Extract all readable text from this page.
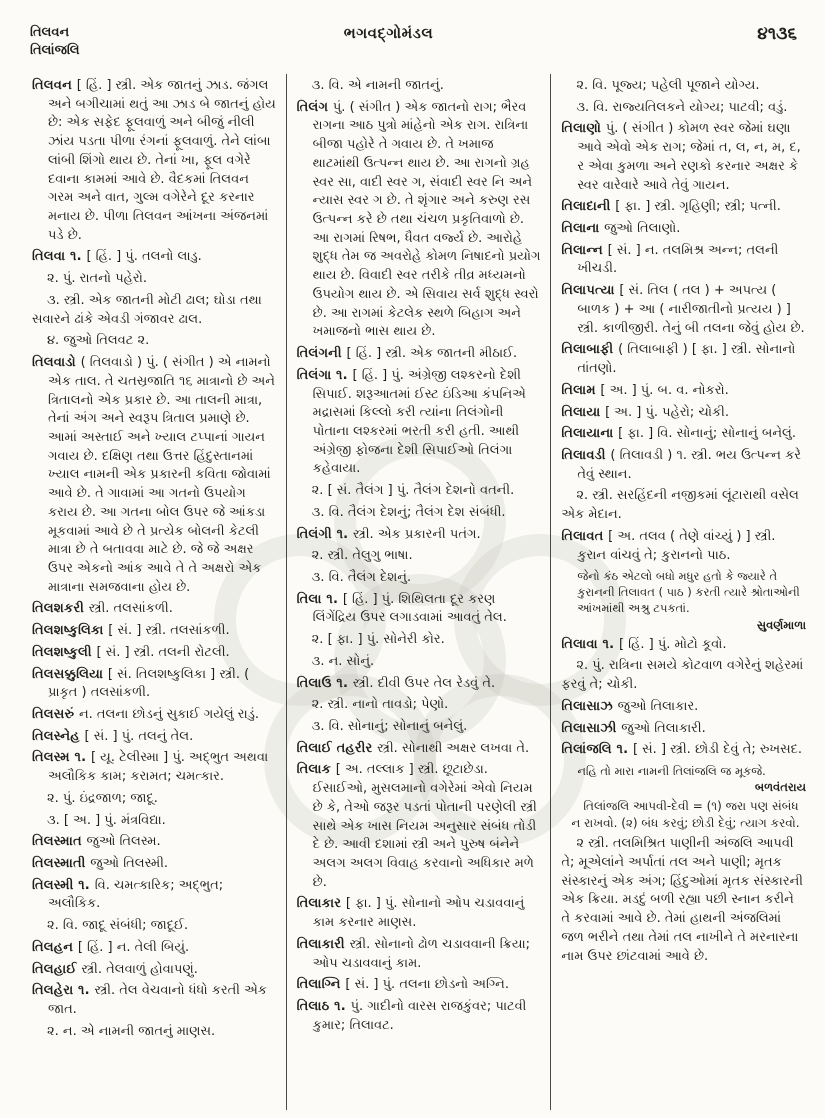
તિલવન
તિલાંજલિ
ભગવદ્ગોમંડલ	૪૧૩૬

તિલવન [ હિં. ] સ્ત્રી. એક જાતનું ઝાડ. જંગલ અને બગીચામાં થતું આ ઝાડ બે જાતનું હોય છે: એક સફેદ ફૂલવાળું અને બીજું નીલી ઝાંય પડતા પીળા રંગનાં ફૂલવાળું. તેને લાંબા લાંબી શિંગો થાય છે. તેનાં ખા, ફૂલ વગેરે દવાના કામમાં આવે છે. વૈદકમાં તિલવન ગરમ અને વાત, ગુલ્મ વગેરેને દૂર કરનાર મનાય છે. પીળા તિલવન આંખના અંજનમાં પડે છે.

તિલવા ૧. [ હિં. ] પું. તલનો લાડુ.

૨. પું. રાતનો પહેરો.

૩. સ્ત્રી. એક જાતની મોટી ઢાલ; ઘોડા તથા સવારને ઢાંકે એવડી ગંજાવર ઢાલ.

૪. જુઓ તિલવટ ૨.

તિલવાડો ( તિલવાડો ) પું. ( સંગીત ) એ નામનો એક તાલ. તે ચતસ્રજાતિ ૧૬ માત્રાનો છે અને ત્રિતાલનો એક પ્રકાર છે. આ તાલની માત્રા, તેનાં અંગ અને સ્વરૂપ ત્રિતાલ પ્રમાણે છે. આમાં અસ્તાઈ અને ખ્યાલ ટપ્પાનાં ગાયન ગવાય છે. દક્ષિણ તથા ઉત્તર હિંદુસ્તાનમાં ખ્યાલ નામની એક પ્રકારની કવિતા જોવામાં આવે છે. તે ગાવામાં આ ગતનો ઉપયોગ કરાય છે. આ ગતના બોલ ઉપર જે આંકડા મૂકવામાં આવે છે તે પ્રત્યેક બોલની કેટલી માત્રા છે તે બતાવવા માટે છે. જે જે અક્ષર ઉપર એકનો આંક આવે તે તે અક્ષરો એક માત્રાના સમજવાના હોય છે.

તિલશકરી સ્ત્રી. તલસાંકળી.

તિલશષ્કુલિકા [ સં. ] સ્ત્રી. તલસાંકળી.

તિલશષ્કુલી [ સં. ] સ્ત્રી. તલની રોટલી.

તિલસક્કુલિયા [ સં. તિલશષ્કુલિકા ] સ્ત્રી. ( પ્રાકૃત ) તલસાંકળી.

તિલસરું ન. તલના છોડનું સુકાઈ ગયેલું રાડું.

તિલસ્નેહ [ સં. ] પું. તલનું તેલ.

તિલસ્મ ૧. [ યૂ. ટેલીસ્મા ] પું. અદ્ભુત અથવા અલૌકિક કામ; કરામત; ચમત્કાર.

૨. પું. ઇંદ્રજાળ; જાદૂ.

૩. [ અ. ] પું. મંત્રવિદ્યા.

તિલસ્માત જુઓ તિલસ્મ.

તિલસ્માતી જુઓ તિલસ્મી.

તિલસ્મી ૧. વિ. ચમત્કારિક; અદ્ભુત; અલૌકિક.

૨. વિ. જાદૂ સંબંધી; જાદૂઈ.

તિલહન [ હિં. ] ન. તેલી બિયું.

તિલહાઈ સ્ત્રી. તેલવાળું હોવાપણું.

તિલહેરા ૧. સ્ત્રી. તેલ વેચવાનો ધંધો કરતી એક જાત.

૨. ન. એ નામની જાતનું માણસ.

૩. વિ. એ નામની જાતનું.

તિલંગ પું. ( સંગીત ) એક જાતનો રાગ; ભૈરવ રાગના આઠ પુત્રો માંહેનો એક રાગ. રાત્રિના બીજા પહોરે તે ગવાય છે. તે ખમાજ થાટમાંથી ઉત્પન્ન થાય છે. આ રાગનો ગ્રહ સ્વર સા, વાદી સ્વર ગ, સંવાદી સ્વર નિ અને ન્યાસ સ્વર ગ છે. તે શૃંગાર અને કરુણ રસ ઉત્પન્ન કરે છે તથા ચંચળ પ્રકૃતિવાળો છે. આ રાગમાં રિષભ, ધૈવત વર્જ્ય છે. આરોહે શુદ્ધ તેમ જ અવરોહે કોમળ નિષાદનો પ્રયોગ થાય છે. વિવાદી સ્વર તરીકે તીવ્ર મધ્યમનો ઉપયોગ થાય છે. એ સિવાય સર્વ શુદ્ધ સ્વરો છે. આ રાગમાં કેટલેક સ્થળે બિહાગ અને ખમાજનો ભાસ થાય છે.

તિલંગની [ હિં. ] સ્ત્રી. એક જાતની મીઠાઈ.

તિલંગા ૧. [ હિં. ] પું. અંગ્રેજી લશ્કરનો દેશી સિપાઈ. શરૂઆતમાં ઈસ્ટ ઇંડિઆ કંપનિએ મદ્રાસમાં કિલ્લો કરી ત્યાંના તિલંગોની પોતાના લશ્કરમાં ભરતી કરી હતી. આથી અંગ્રેજી ફોજના દેશી સિપાઈઓ તિલંગા કહેવાયા.

૨. [ સં. તૈલંગ ] પું. તૈલંગ દેશનો વતની.

૩. વિ. તૈલંગ દેશનું; તૈલંગ દેશ સંબંધી.

તિલંગી ૧. સ્ત્રી. એક પ્રકારની પતંગ.

૨. સ્ત્રી. તેલુગુ ભાષા.

૩. વિ. તૈલંગ દેશનું.

તિલા ૧. [ હિં. ] પું. શિથિલતા દૂર કરણ લિંગેંદ્રિય ઉપર લગાડવામાં આવતું તેલ.

૨. [ ફા. ] પું. સોનેરી કોર.

૩. ન. સોનું.

તિલાઉ ૧. સ્ત્રી. દીવી ઉપર તેલ રેડવું તે.

૨. સ્ત્રી. નાનો તાવડો; પેણો.

૩. વિ. સોનાનું; સોનાનું બનેલું.

તિલાઈ તહરીર સ્ત્રી. સોનાથી અક્ષર લખવા તે.

તિલાક [ અ. તલ્લાક ] સ્ત્રી. છૂટાછેડા. ઈસાઈઓ, મુસલમાનો વગેરેમાં એવો નિયમ છે કે, તેઓ જરૂર પડતાં પોતાની પરણેલી સ્ત્રી સાથે એક ખાસ નિયમ અનુસાર સંબંધ તોડી દે છે. આવી દશામાં સ્ત્રી અને પુરુષ બંનેને અલગ અલગ વિવાહ કરવાનો અધિકાર મળે છે.

તિલાકાર [ ફા. ] પું. સોનાનો ઓપ ચડાવવાનું કામ કરનાર માણસ.

તિલાકારી સ્ત્રી. સોનાનો ઢોળ ચડાવવાની ક્રિયા; ઓપ ચડાવવાનું કામ.

તિલાગ્નિ [ સં. ] પું. તલના છોડનો અગ્નિ.

તિલાઠ ૧. પું. ગાદીનો વારસ રાજકુંવર; પાટવી કુમાર; તિલાવટ.

૨. વિ. પૂજ્ય; પહેલી પૂજાને યોગ્ય.

૩. વિ. રાજ્યતિલકને યોગ્ય; પાટવી; વડું.

તિલાણો પું. ( સંગીત ) કોમળ સ્વર જેમાં ઘણા આવે એવો એક રાગ; જેમાં ત, લ, ન, મ, દ, ર એવા કુમળા અને રણકો કરનાર અક્ષર કે સ્વર વારેવારે આવે તેવું ગાયન.

તિલાદાની [ ફા. ] સ્ત્રી. ગૃહિણી; સ્ત્રી; પત્ની.

તિલાના જુઓ તિલાણો.

તિલાન્ન [ સં. ] ન. તલમિશ્ર અન્ન; તલની ખીચડી.

તિલાપત્યા [ સં. તિલ ( તલ ) + અપત્ય ( બાળક ) + આ ( નારીજાતીનો પ્રત્યય ) ] સ્ત્રી. કાળીજીરી. તેનું બી તલના જેવું હોય છે.

તિલાબાફી ( તિલાબાફી ) [ ફા. ] સ્ત્રી. સોનાનો તાંતણો.

તિલામ [ અ. ] પું. બ. વ. નોકરો.

તિલાયા [ અ. ] પું. પહેરો; ચોકી.

તિલાયાના [ ફા. ] વિ. સોનાનું; સોનાનું બનેલું.

તિલાવડી ( તિલાવડી ) ૧. સ્ત્રી. ભય ઉત્પન્ન કરે તેવું સ્થાન.

૨. સ્ત્રી. સરહિંદની નજીકમાં લૂંટારાથી વસેલ એક મેદાન.

તિલાવત [ અ. તલવ ( તેણે વાંચ્યું ) ] સ્ત્રી. કુરાન વાંચવું તે; કુરાનનો પાઠ.

જેનો કંઠ એટલો બધો મધુર હતો કે જ્યારે તે કુરાનની તિલાવત ( પાઠ ) કરતી ત્યારે શ્રોતાઓની આંખમાંથી અશ્રુ ટપકતાં.
સુવર્ણમાળા

તિલાવા ૧. [ હિં. ] પું. મોટો કૂવો.

૨. પું. રાત્રિના સમયે કોટવાળ વગેરેનું શહેરમાં ફરવું તે; ચોકી.

તિલાસાઝ જુઓ તિલાકાર.

તિલાસાઝી જુઓ તિલાકારી.

તિલાંજલિ ૧. [ સં. ] સ્ત્રી. છોડી દેવું તે; રુખસદ.

નહિ તો મારા નામની તિલાંજલિ જ મૂકજે.
બળવંતરાય

તિલાંજલિ આપવી-દેવી = (૧) જરા પણ સંબંધ ન રાખવો. (૨) બંધ કરવું; છોડી દેવું; ત્યાગ કરવો.

૨ સ્ત્રી. તલમિશ્રિત પાણીની અંજલિ આપવી તે; મૂએલાંને અર્પાતાં તલ અને પાણી; મૃતક સંસ્કારનું એક અંગ; હિંદુઓમાં મૃતક સંસ્કારની એક ક્રિયા. મડદું બળી રહ્યા પછી સ્નાન કરીને તે કરવામાં આવે છે. તેમાં હાથની અંજલિમાં જળ ભરીને તથા તેમાં તલ નાખીને તે મરનારના નામ ઉપર છાંટવામાં આવે છે.
